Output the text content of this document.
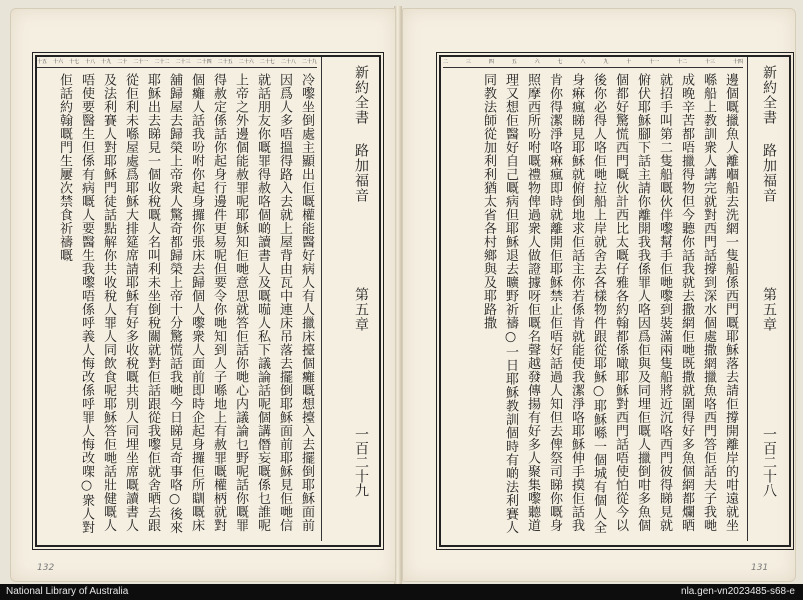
二十九
二十八
二十七
二十六
二十五
二十四
二十三
二十二
二十一
二十
十九
十八
十七
十六
十五
冷嚟坐倒處主顯出佢嘅權能醫好病人有人擸床擡個癱嘅想擡入去擺倒耶穌面前因爲人多唔搵得路入去就上屋背由瓦中連床吊落去擺倒耶穌面前耶穌見佢哋信就話朋友你嘅罪得赦咯個啲讀書人及嘅𠸏人私下議論話呢個講僭妄嘅係乜誰呢上帝之外邊個能赦罪呢耶穌知佢哋意思就答佢話你哋心内議論乜野呢話你嘅罪得赦定係話你起身行邊件更易呢但要令你哋知到人子喺地上有赦罪嘅權柄就對個癱人話我吩咐你起身攞你張床去歸個人嚟衆人面前即時企起身攞佢所瞓嘅床舖歸屋去歸榮上帝衆人驚奇都歸榮上帝十分驚慌話我哋今日睇見奇事咯○後來耶穌出去睇見一個收稅嘅人名叫利未坐倒稅關就對佢話跟從我嚟佢就舍晒去跟從佢利未喺屋處爲耶穌大排筵席請耶穌有好多收稅嘅共別人同埋坐席嘅讀書人及法利賽人對耶穌門徒話點解你共收稅人罪人同飲食呢耶穌答佢哋話壯健嘅人唔使要醫生但係有病嘅人要醫生我嚟唔係呼義人悔改係呼罪人悔改㗎○衆人對佢話約翰嘅門生屢次禁食祈禱嘅	新約全書
路加福音
第五章
一百二十九
132
十四
十三
十二
十一
十
九
八
七
六
五
四
三
二
邊個嘅擸魚人離嗰船去洗網一隻船係西門嘅耶穌落去請佢撐開離岸的咁遠就坐喺船上教訓衆人講完就對西門話撐到深水個處撒網擸魚咯西門答佢話夫子我哋成晚辛苦都唔擸得物但今聽你話我就去撒網佢哋既撒就圍得好多魚個網都爛晒就招手叫第二隻船嘅伙伴嚟幫手佢哋嚟到裝滿兩隻船將近沉咯西門彼得睇見就俯伏耶穌腳下話主請你離開我我係罪人咯因爲佢與及同埋佢嘅人擸倒咁多魚個個都好驚慌西門嘅伙計西比太嘅仔雅各約翰都係噉耶穌對西門話唔使怕從今以後你必得人咯佢哋拉船上岸就舍去各樣物件跟從耶穌○耶穌喺一個城有個人全身痳瘋睇見耶穌就俯倒地求佢話主你若係肯就能使我潔淨咯耶穌伸手摸佢話我肯你得潔淨咯痳瘋即時就離開佢耶穌禁止佢唔好話過人知但去俾祭司睇你嘅身照摩西所吩咐嘅禮物俾過衆人做證據呀佢嘅名聲越發傳揚有好多人聚集嚟聽道理又想佢醫好自己嘅病但耶穌退去曠野祈禱○一日耶穌教訓個時有啲法利賽人同教法師從加利利猶太省各村鄉與及耶路撒	新約全書
路加福音
第五章
一百二十八
131
National Library of Australia	nla.gen-vn2023485-s68-e
